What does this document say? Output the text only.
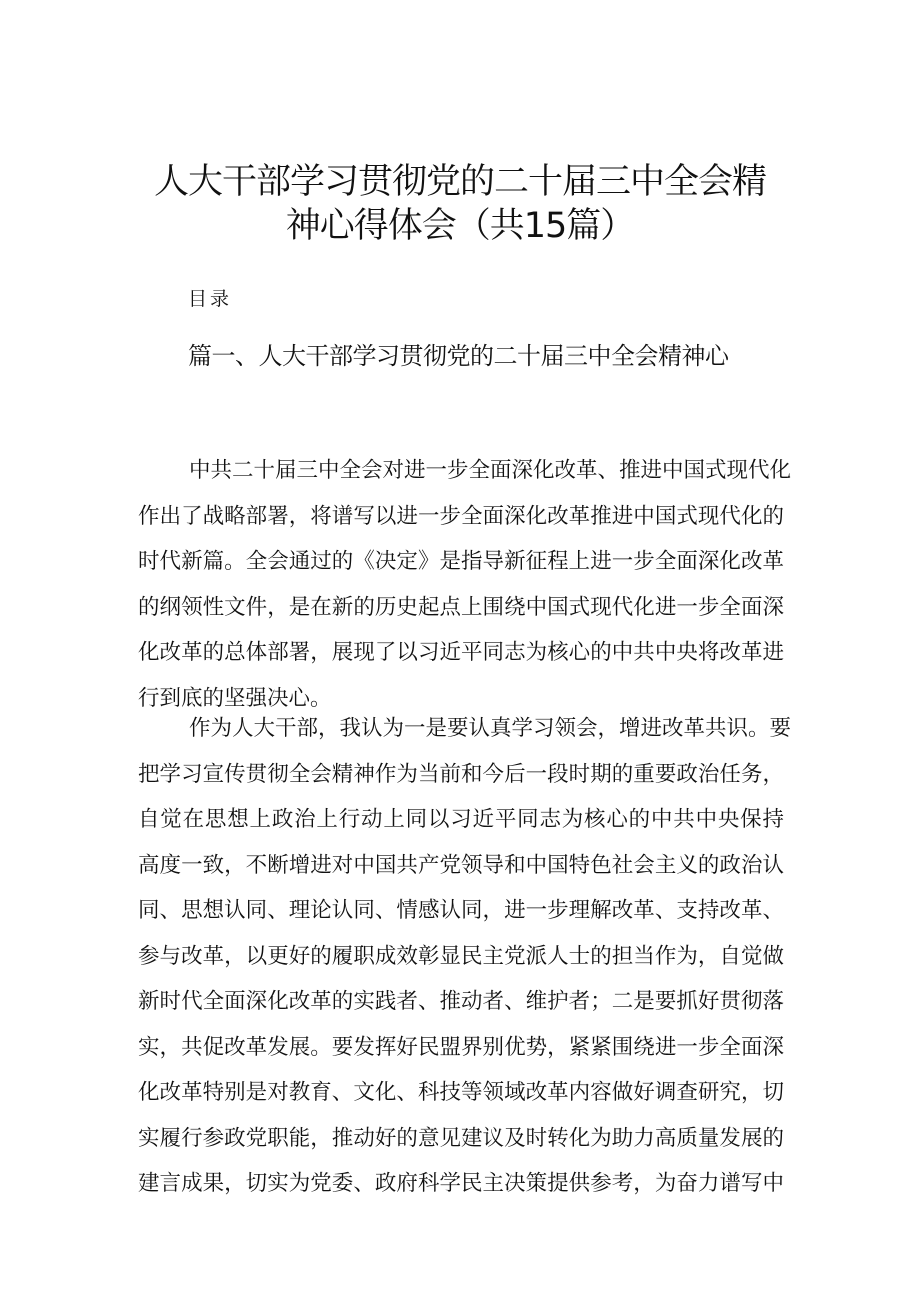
人大干部学习贯彻党的二十届三中全会精
神心得体会（共15篇）
目录
篇一、人大干部学习贯彻党的二十届三中全会精神心
中共二十届三中全会对进一步全面深化改革、推进中国式现代化
作出了战略部署，将谱写以进一步全面深化改革推进中国式现代化的
时代新篇。全会通过的《决定》是指导新征程上进一步全面深化改革
的纲领性文件，是在新的历史起点上围绕中国式现代化进一步全面深
化改革的总体部署，展现了以习近平同志为核心的中共中央将改革进
行到底的坚强决心。
作为人大干部，我认为一是要认真学习领会，增进改革共识。要
把学习宣传贯彻全会精神作为当前和今后一段时期的重要政治任务，
自觉在思想上政治上行动上同以习近平同志为核心的中共中央保持
高度一致，不断增进对中国共产党领导和中国特色社会主义的政治认
同、思想认同、理论认同、情感认同，进一步理解改革、支持改革、
参与改革，以更好的履职成效彰显民主党派人士的担当作为，自觉做
新时代全面深化改革的实践者、推动者、维护者；二是要抓好贯彻落
实，共促改革发展。要发挥好民盟界别优势，紧紧围绕进一步全面深
化改革特别是对教育、文化、科技等领域改革内容做好调查研究，切
实履行参政党职能，推动好的意见建议及时转化为助力高质量发展的
建言成果，切实为党委、政府科学民主决策提供参考，为奋力谱写中
